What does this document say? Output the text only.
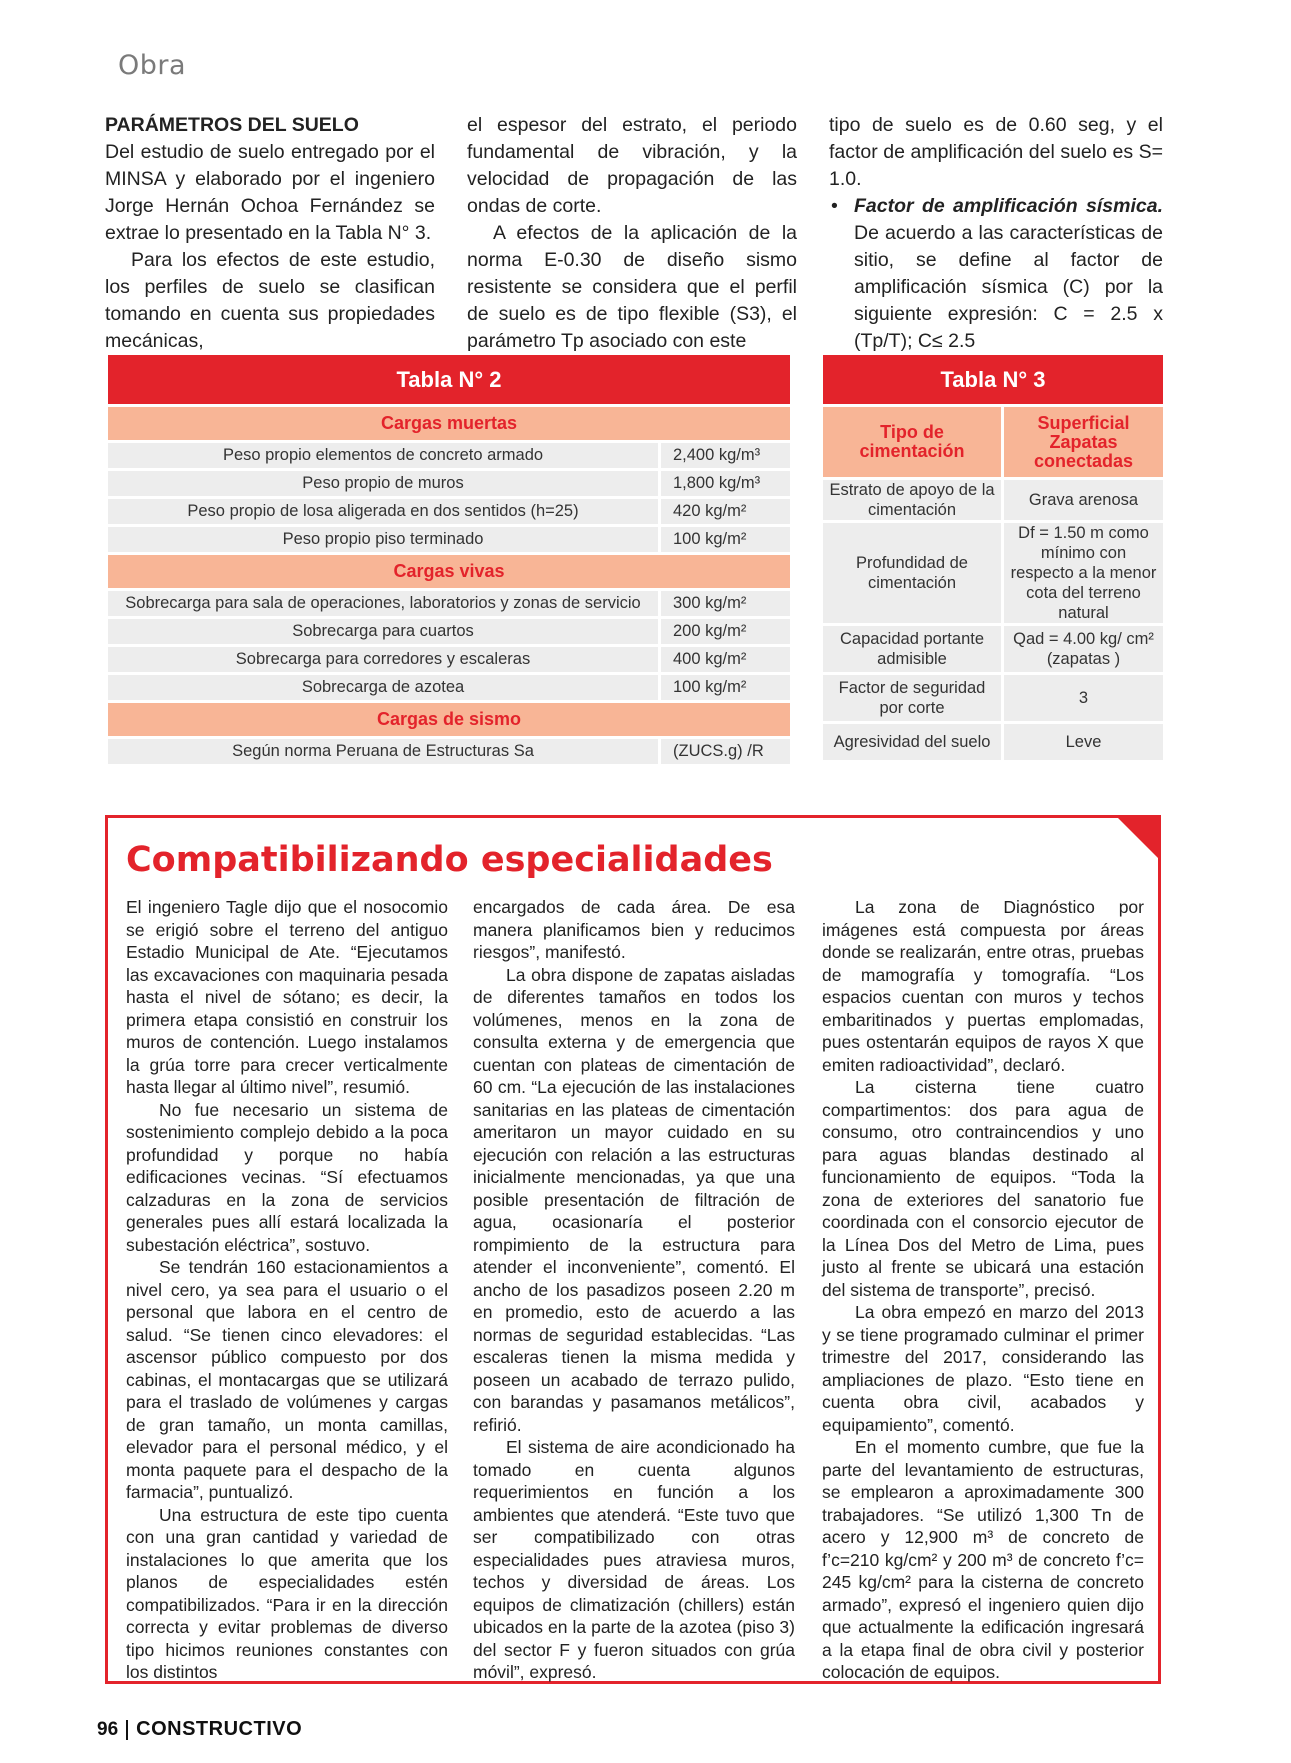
Obra
PARÁMETROS DEL SUELO

Del estudio de suelo entregado por el MINSA y elaborado por el ingeniero Jorge Hernán Ochoa Fernández se extrae lo presentado en la Tabla N° 3.

Para los efectos de este estudio, los perfiles de suelo se clasifican tomando en cuenta sus propiedades mecánicas,

el espesor del estrato, el periodo fundamental de vibración, y la velocidad de propagación de las ondas de corte.

A efectos de la aplicación de la norma E-0.30 de diseño sismo resistente se considera que el perfil de suelo es de tipo flexible (S3), el parámetro Tp asociado con este

tipo de suelo es de 0.60 seg, y el factor de amplificación del suelo es S= 1.0.

• Factor de amplificación sísmica. De acuerdo a las características de sitio, se define al factor de amplificación sísmica (C) por la siguiente expresión: C = 2.5 x (Tp/T); C≤ 2.5
Tabla N° 2
Cargas muertas	
Peso propio elementos de concreto armado	2,400 kg/m³
Peso propio de muros	1,800 kg/m³
Peso propio de losa aligerada en dos sentidos (h=25)	420 kg/m²
Peso propio piso terminado	100 kg/m²
Cargas vivas	
Sobrecarga para sala de operaciones, laboratorios y zonas de servicio	300 kg/m²
Sobrecarga para cuartos	200 kg/m²
Sobrecarga para corredores y escaleras	400 kg/m²
Sobrecarga de azotea	100 kg/m²
Cargas de sismo	
Según norma Peruana de Estructuras Sa	(ZUCS.g) /R
Tabla N° 3
Tipo de cimentación	Superficial Zapatas conectadas
Estrato de apoyo de la cimentación	Grava arenosa
Profundidad de cimentación	Df = 1.50 m como mínimo con respecto a la menor cota del terreno natural
Capacidad portante admisible	Qad = 4.00 kg/ cm² (zapatas )
Factor de seguridad por corte	3
Agresividad del suelo	Leve
Compatibilizando especialidades

El ingeniero Tagle dijo que el nosocomio se erigió sobre el terreno del antiguo Estadio Municipal de Ate. “Ejecutamos las excavaciones con maquinaria pesada hasta el nivel de sótano; es decir, la primera etapa consistió en construir los muros de contención. Luego instalamos la grúa torre para crecer verticalmente hasta llegar al último nivel”, resumió.

No fue necesario un sistema de sostenimiento complejo debido a la poca profundidad y porque no había edificaciones vecinas. “Sí efectuamos calzaduras en la zona de servicios generales pues allí estará localizada la subestación eléctrica”, sostuvo.

Se tendrán 160 estacionamientos a nivel cero, ya sea para el usuario o el personal que labora en el centro de salud. “Se tienen cinco elevadores: el ascensor público compuesto por dos cabinas, el montacargas que se utilizará para el traslado de volúmenes y cargas de gran tamaño, un monta camillas, elevador para el personal médico, y el monta paquete para el despacho de la farmacia”, puntualizó.

Una estructura de este tipo cuenta con una gran cantidad y variedad de instalaciones lo que amerita que los planos de especialidades estén compatibilizados. “Para ir en la dirección correcta y evitar problemas de diverso tipo hicimos reuniones constantes con los distintos

encargados de cada área. De esa manera planificamos bien y reducimos riesgos”, manifestó.

La obra dispone de zapatas aisladas de diferentes tamaños en todos los volúmenes, menos en la zona de consulta externa y de emergencia que cuentan con plateas de cimentación de 60 cm. “La ejecución de las instalaciones sanitarias en las plateas de cimentación ameritaron un mayor cuidado en su ejecución con relación a las estructuras inicialmente mencionadas, ya que una posible presentación de filtración de agua, ocasionaría el posterior rompimiento de la estructura para atender el inconveniente”, comentó. El ancho de los pasadizos poseen 2.20 m en promedio, esto de acuerdo a las normas de seguridad establecidas. “Las escaleras tienen la misma medida y poseen un acabado de terrazo pulido, con barandas y pasamanos metálicos”, refirió.

El sistema de aire acondicionado ha tomado en cuenta algunos requerimientos en función a los ambientes que atenderá. “Este tuvo que ser compatibilizado con otras especialidades pues atraviesa muros, techos y diversidad de áreas. Los equipos de climatización (chillers) están ubicados en la parte de la azotea (piso 3) del sector F y fueron situados con grúa móvil”, expresó.

La zona de Diagnóstico por imágenes está compuesta por áreas donde se realizarán, entre otras, pruebas de mamografía y tomografía. “Los espacios cuentan con muros y techos embaritinados y puertas emplomadas, pues ostentarán equipos de rayos X que emiten radioactividad”, declaró.

La cisterna tiene cuatro compartimentos: dos para agua de consumo, otro contraincendios y uno para aguas blandas destinado al funcionamiento de equipos. “Toda la zona de exteriores del sanatorio fue coordinada con el consorcio ejecutor de la Línea Dos del Metro de Lima, pues justo al frente se ubicará una estación del sistema de transporte”, precisó.

La obra empezó en marzo del 2013 y se tiene programado culminar el primer trimestre del 2017, considerando las ampliaciones de plazo. “Esto tiene en cuenta obra civil, acabados y equipamiento”, comentó.

En el momento cumbre, que fue la parte del levantamiento de estructuras, se emplearon a aproximadamente 300 trabajadores. “Se utilizó 1,300 Tn de acero y 12,900 m³ de concreto de f’c=210 kg/cm² y 200 m³ de concreto f’c= 245 kg/cm² para la cisterna de concreto armado”, expresó el ingeniero quien dijo que actualmente la edificación ingresará a la etapa final de obra civil y posterior colocación de equipos.

96 CONSTRUCTIVO
